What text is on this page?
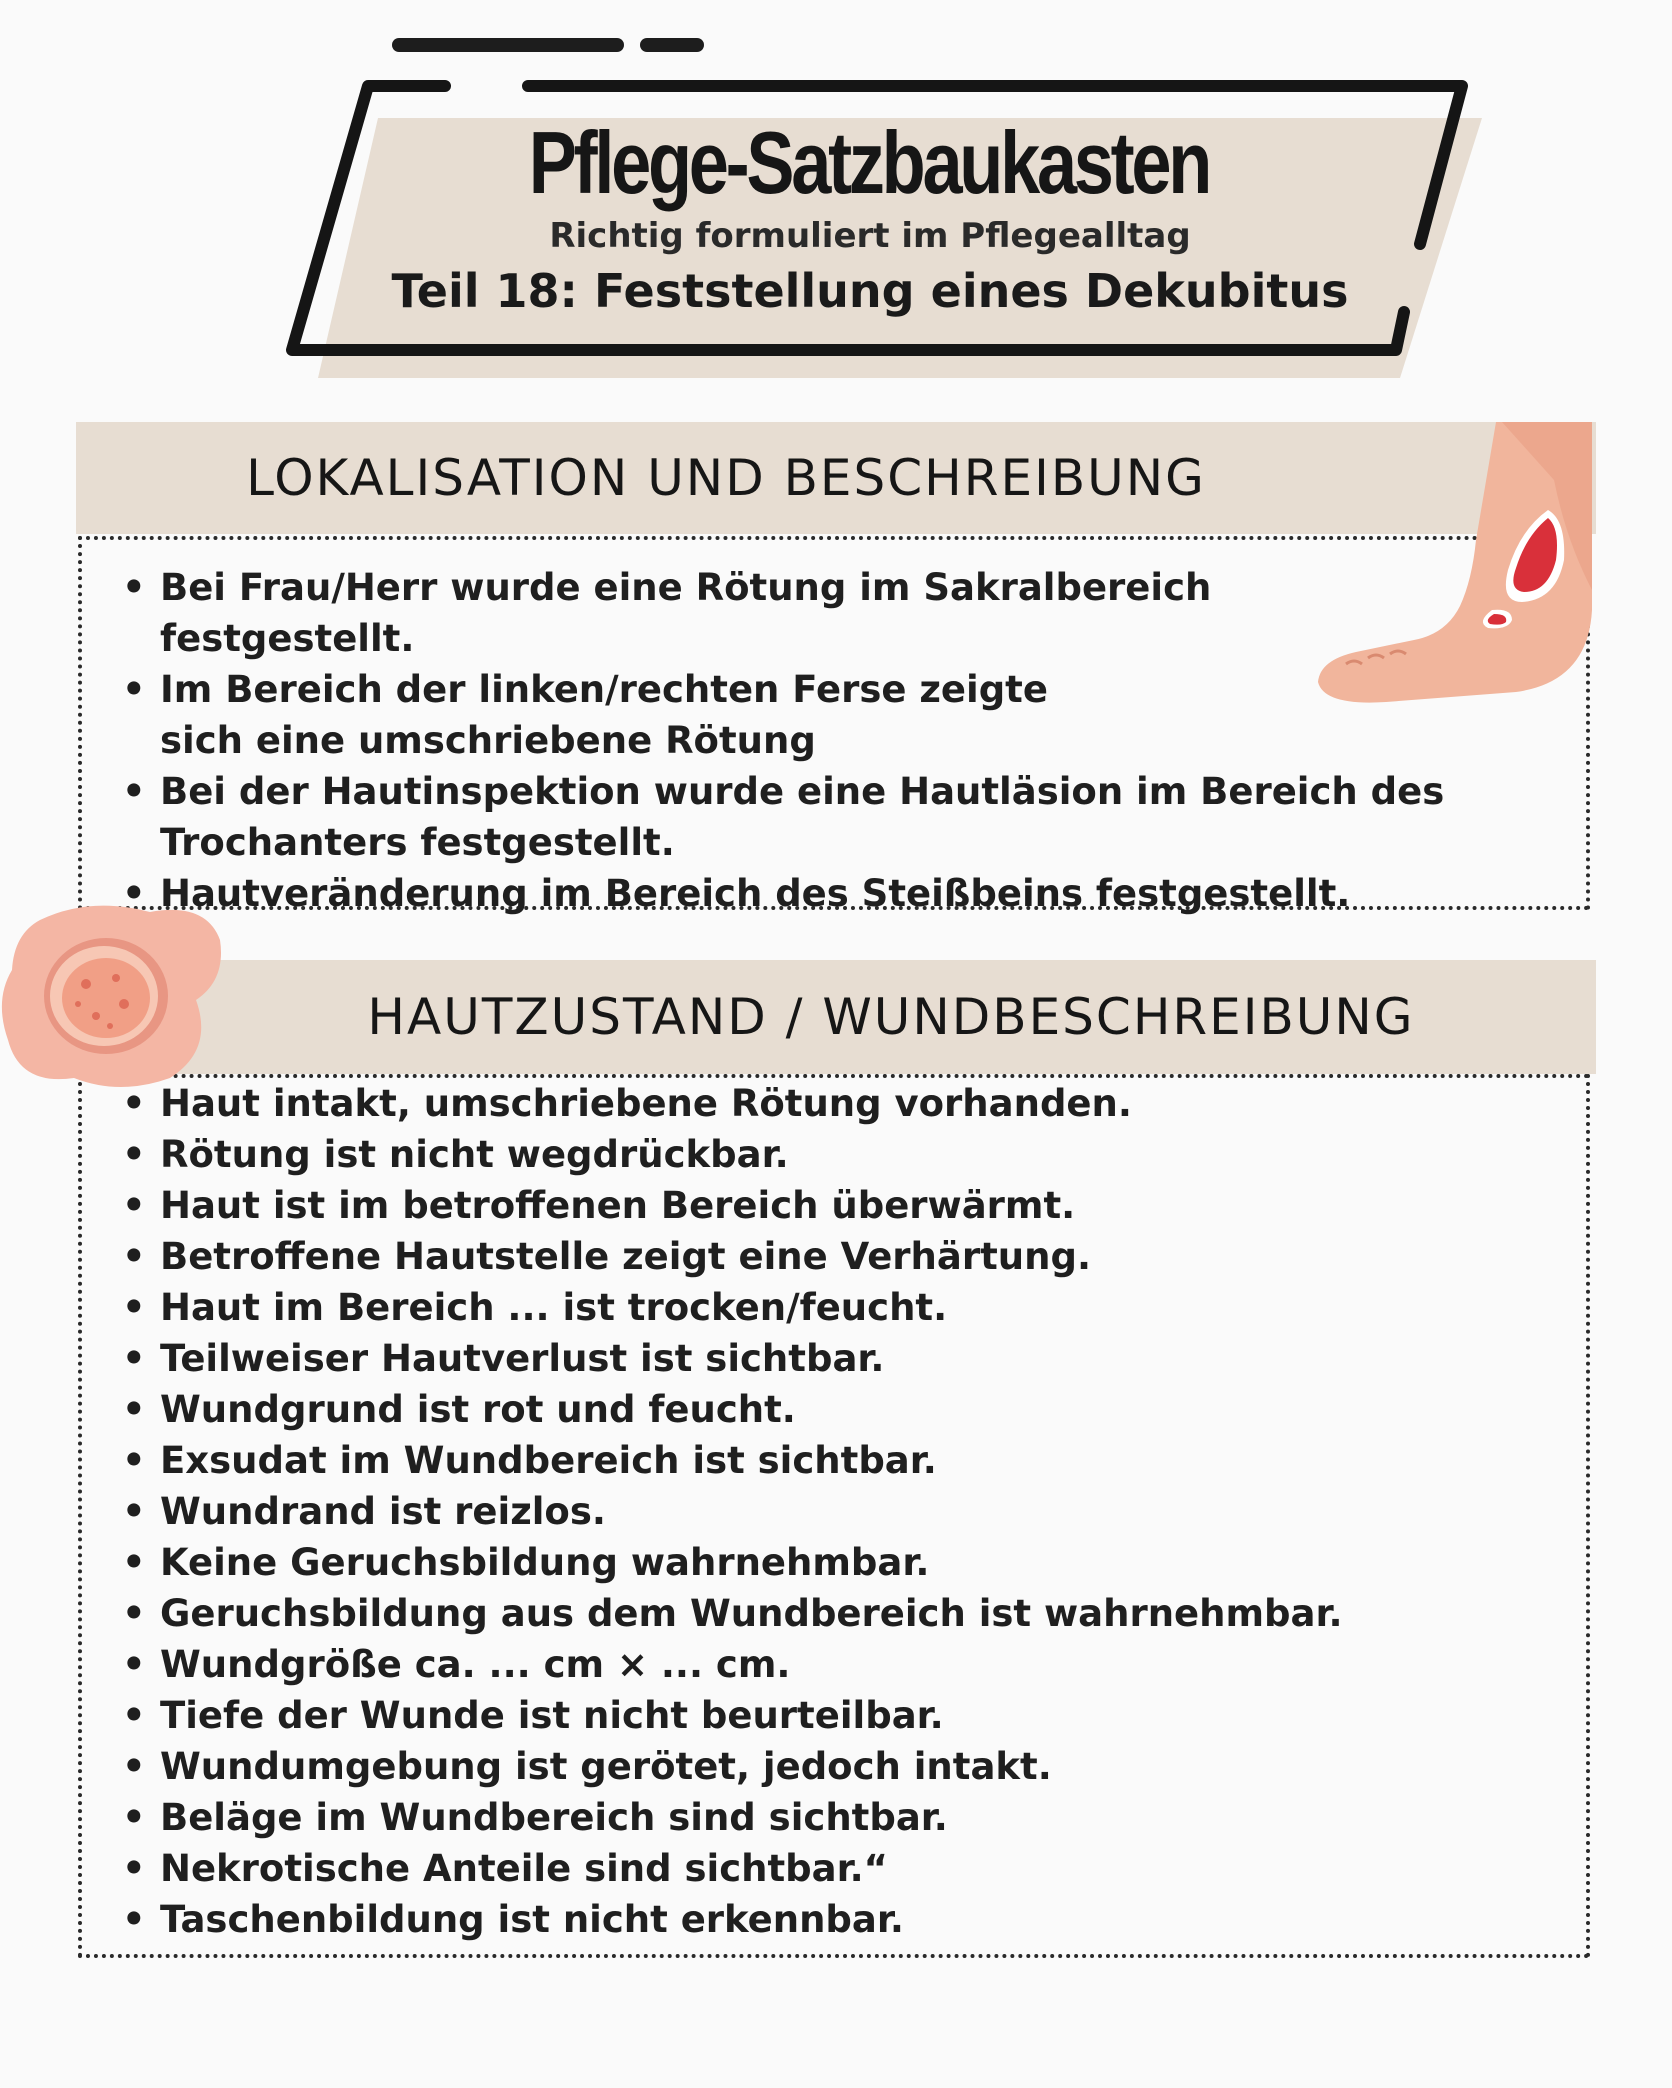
Pflege-Satzbaukasten
Richtig formuliert im Pflegealltag
Teil 18: Feststellung eines Dekubitus
LOKALISATION UND BESCHREIBUNG
• Bei Frau/Herr wurde eine Rötung im Sakralbereich festgestellt.
• Im Bereich der linken/rechten Ferse zeigte sich eine umschriebene Rötung
• Bei der Hautinspektion wurde eine Hautläsion im Bereich des Trochanters festgestellt.
• Hautveränderung im Bereich des Steißbeins festgestellt.
HAUTZUSTAND / WUNDBESCHREIBUNG
• Haut intakt, umschriebene Rötung vorhanden.
• Rötung ist nicht wegdrückbar.
• Haut ist im betroffenen Bereich überwärmt.
• Betroffene Hautstelle zeigt eine Verhärtung.
• Haut im Bereich ... ist trocken/feucht.
• Teilweiser Hautverlust ist sichtbar.
• Wundgrund ist rot und feucht.
• Exsudat im Wundbereich ist sichtbar.
• Wundrand ist reizlos.
• Keine Geruchsbildung wahrnehmbar.
• Geruchsbildung aus dem Wundbereich ist wahrnehmbar.
• Wundgröße ca. ... cm × ... cm.
• Tiefe der Wunde ist nicht beurteilbar.
• Wundumgebung ist gerötet, jedoch intakt.
• Beläge im Wundbereich sind sichtbar.
• Nekrotische Anteile sind sichtbar.“
• Taschenbildung ist nicht erkennbar.
